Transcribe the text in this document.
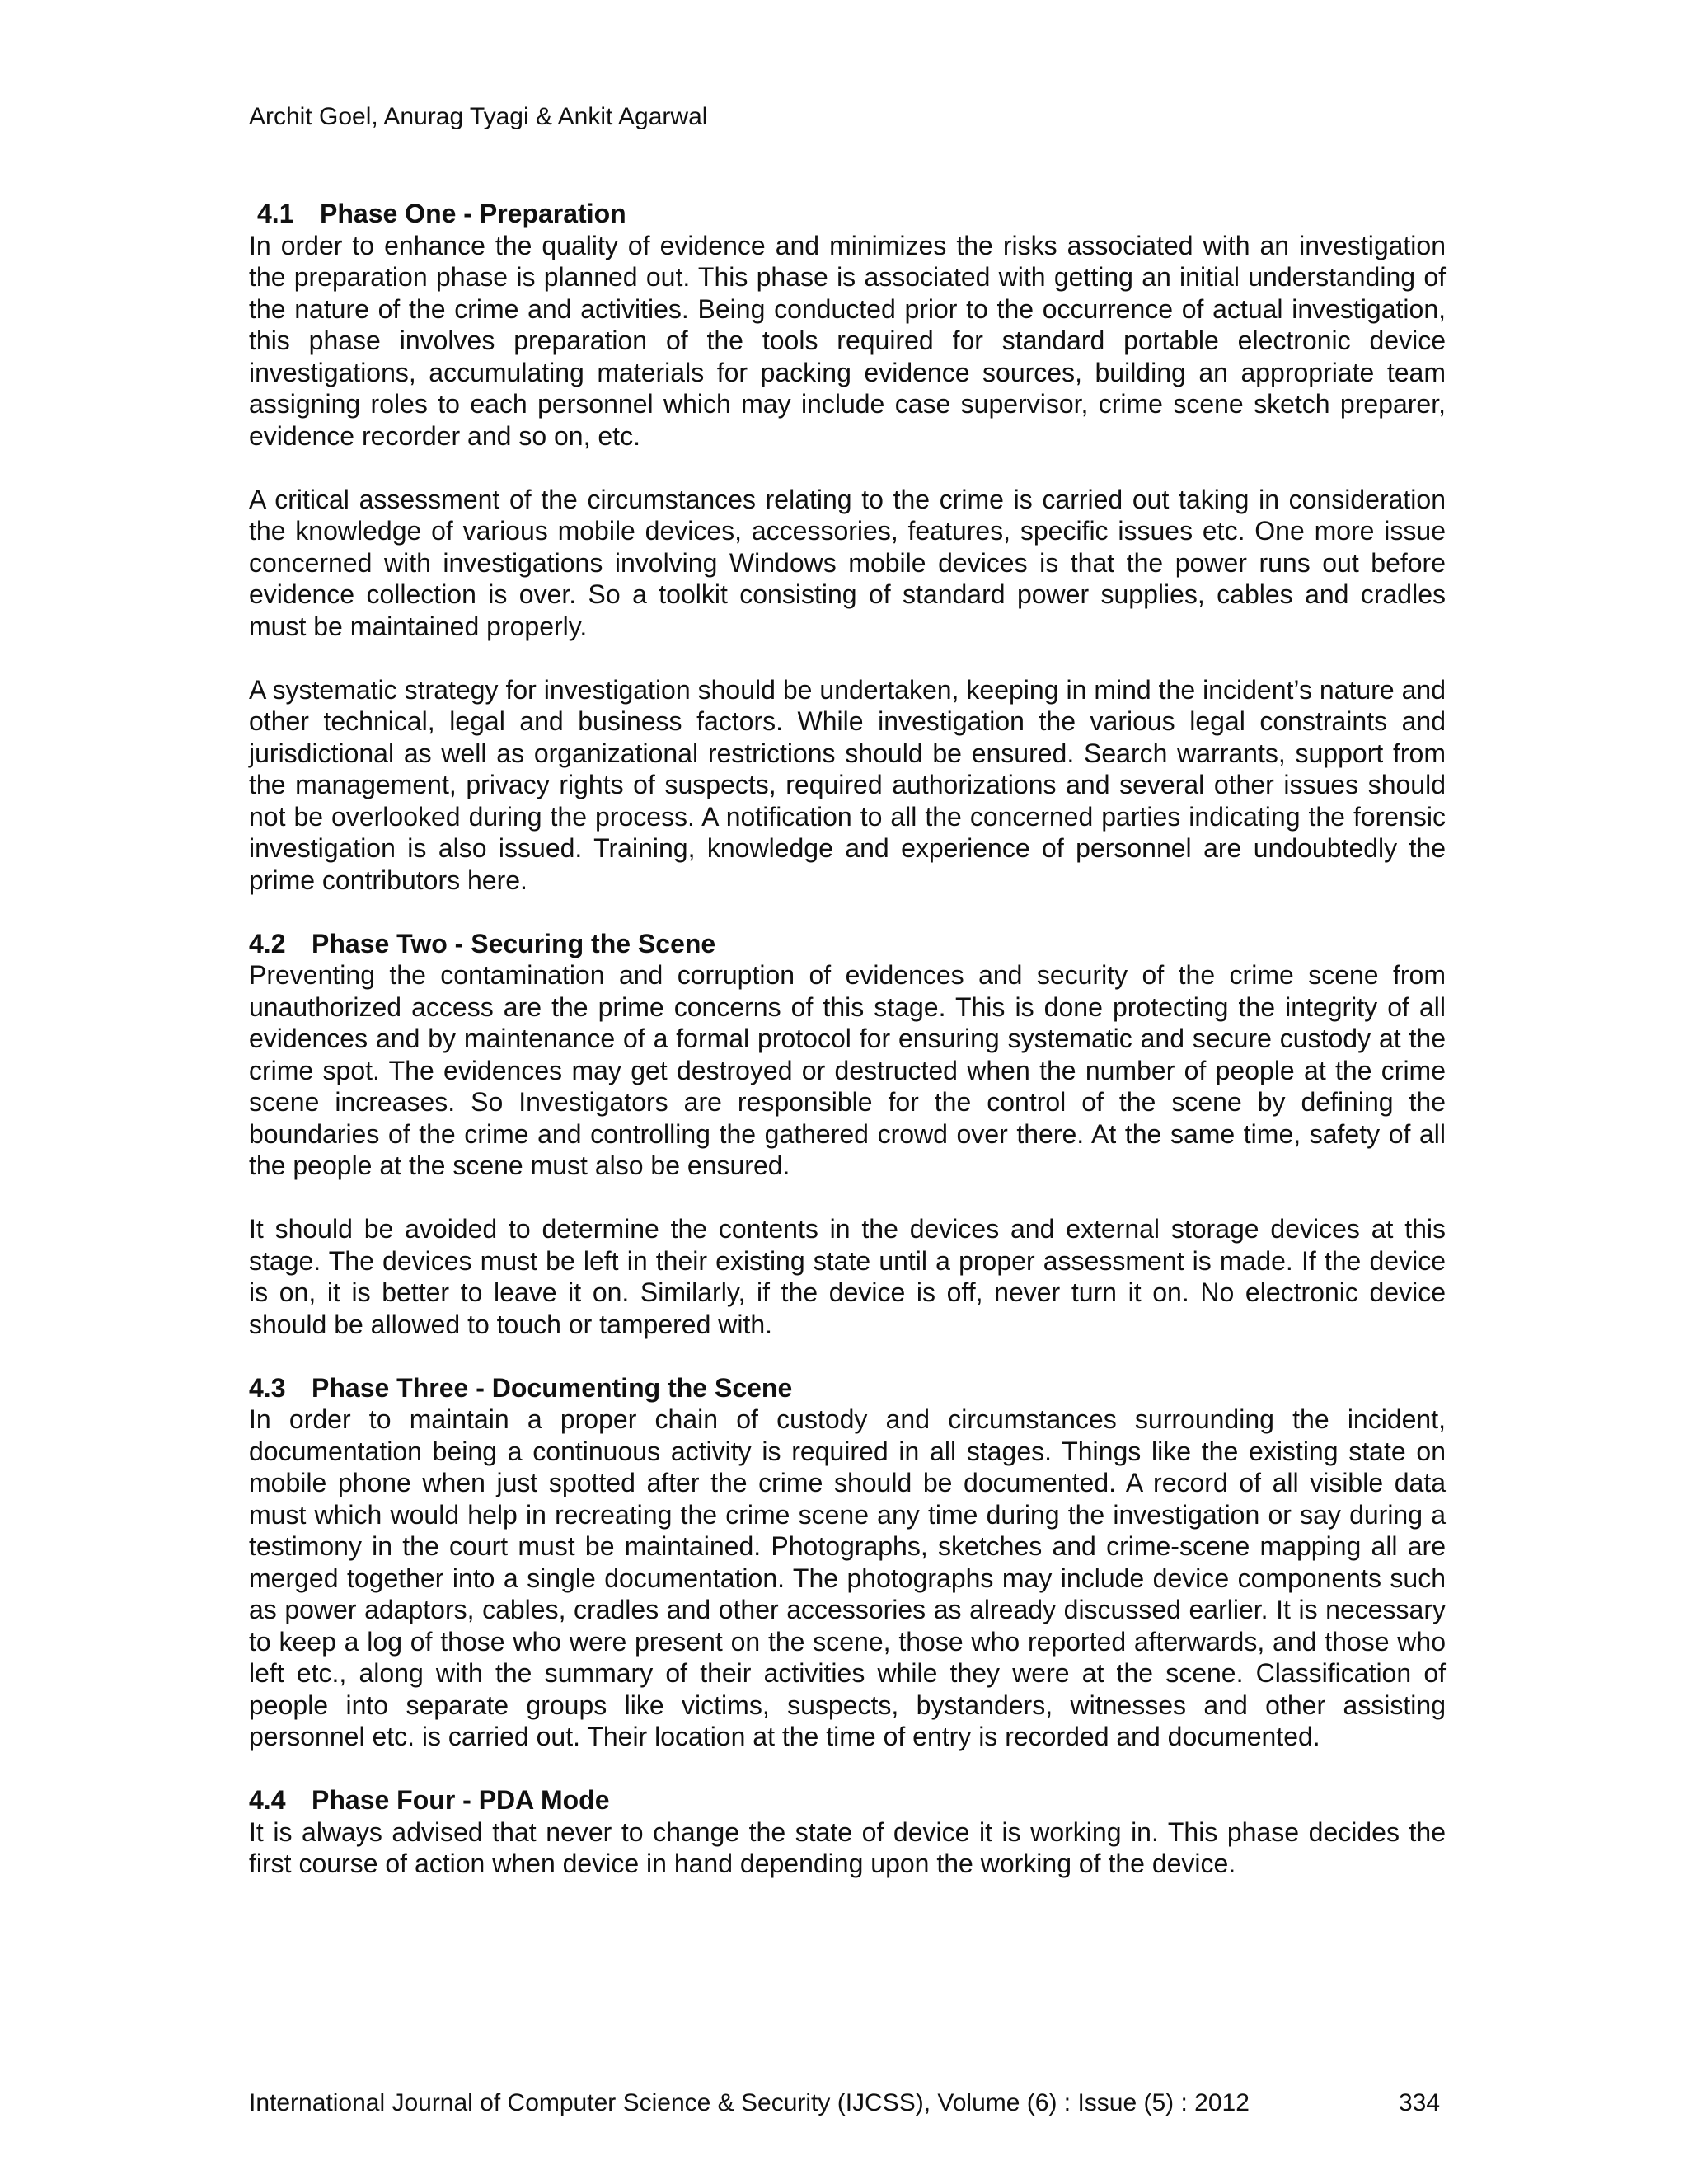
Archit Goel, Anurag Tyagi & Ankit Agarwal
4.1 Phase One - Preparation

In order to enhance the quality of evidence and minimizes the risks associated with an investigation the preparation phase is planned out. This phase is associated with getting an initial understanding of the nature of the crime and activities. Being conducted prior to the occurrence of actual investigation, this phase involves preparation of the tools required for standard portable electronic device investigations, accumulating materials for packing evidence sources, building an appropriate team assigning roles to each personnel which may include case supervisor, crime scene sketch preparer, evidence recorder and so on, etc.

A critical assessment of the circumstances relating to the crime is carried out taking in consideration the knowledge of various mobile devices, accessories, features, specific issues etc. One more issue concerned with investigations involving Windows mobile devices is that the power runs out before evidence collection is over. So a toolkit consisting of standard power supplies, cables and cradles must be maintained properly.

A systematic strategy for investigation should be undertaken, keeping in mind the incident’s nature and other technical, legal and business factors. While investigation the various legal constraints and jurisdictional as well as organizational restrictions should be ensured. Search warrants, support from the management, privacy rights of suspects, required authorizations and several other issues should not be overlooked during the process. A notification to all the concerned parties indicating the forensic investigation is also issued. Training, knowledge and experience of personnel are undoubtedly the prime contributors here.

4.2 Phase Two - Securing the Scene

Preventing the contamination and corruption of evidences and security of the crime scene from unauthorized access are the prime concerns of this stage. This is done protecting the integrity of all evidences and by maintenance of a formal protocol for ensuring systematic and secure custody at the crime spot. The evidences may get destroyed or destructed when the number of people at the crime scene increases. So Investigators are responsible for the control of the scene by defining the boundaries of the crime and controlling the gathered crowd over there. At the same time, safety of all the people at the scene must also be ensured.

It should be avoided to determine the contents in the devices and external storage devices at this stage. The devices must be left in their existing state until a proper assessment is made. If the device is on, it is better to leave it on. Similarly, if the device is off, never turn it on. No electronic device should be allowed to touch or tampered with.

4.3 Phase Three - Documenting the Scene

In order to maintain a proper chain of custody and circumstances surrounding the incident, documentation being a continuous activity is required in all stages. Things like the existing state on mobile phone when just spotted after the crime should be documented. A record of all visible data must which would help in recreating the crime scene any time during the investigation or say during a testimony in the court must be maintained. Photographs, sketches and crime-scene mapping all are merged together into a single documentation. The photographs may include device components such as power adaptors, cables, cradles and other accessories as already discussed earlier. It is necessary to keep a log of those who were present on the scene, those who reported afterwards, and those who left etc., along with the summary of their activities while they were at the scene. Classification of people into separate groups like victims, suspects, bystanders, witnesses and other assisting personnel etc. is carried out. Their location at the time of entry is recorded and documented.

4.4 Phase Four - PDA Mode

It is always advised that never to change the state of device it is working in. This phase decides the first course of action when device in hand depending upon the working of the device.

International Journal of Computer Science & Security (IJCSS), Volume (6) : Issue (5) : 2012	334
